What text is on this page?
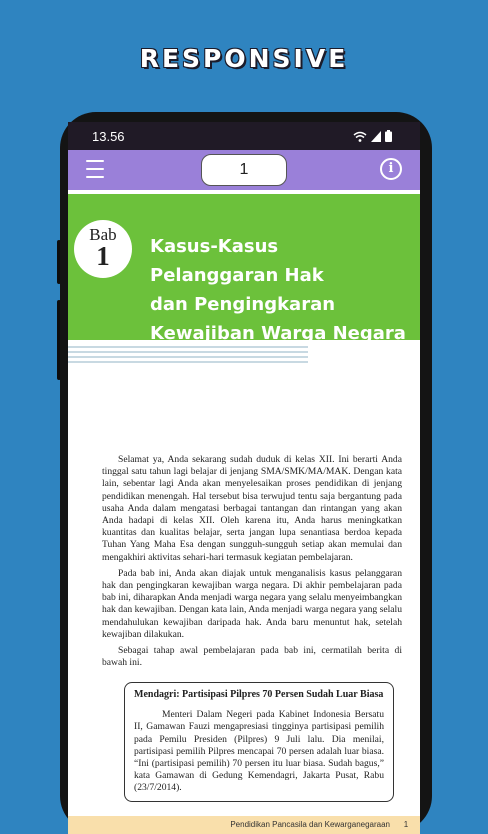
RESPONSIVE
13.56
1	i
Bab
1	Kasus-Kasus
Pelanggaran Hak
dan Pengingkaran
Kewajiban Warga Negara

Selamat ya, Anda sekarang sudah duduk di kelas XII. Ini berarti Anda tinggal satu tahun lagi belajar di jenjang SMA/SMK/MA/MAK. Dengan kata lain, sebentar lagi Anda akan menyelesaikan proses pendidikan di jenjang pendidikan menengah. Hal tersebut bisa terwujud tentu saja bergantung pada usaha Anda dalam mengatasi berbagai tantangan dan rintangan yang akan Anda hadapi di kelas XII. Oleh karena itu, Anda harus meningkatkan kuantitas dan kualitas belajar, serta jangan lupa senantiasa berdoa kepada Tuhan Yang Maha Esa dengan sungguh-sungguh setiap akan memulai dan mengakhiri aktivitas sehari-hari termasuk kegiatan pembelajaran.

Pada bab ini, Anda akan diajak untuk menganalisis kasus pelanggaran hak dan pengingkaran kewajiban warga negara. Di akhir pembelajaran pada bab ini, diharapkan Anda menjadi warga negara yang selalu menyeimbangkan hak dan kewajiban. Dengan kata lain, Anda menjadi warga negara yang selalu mendahulukan kewajiban daripada hak. Anda baru menuntut hak, setelah kewajiban dilakukan.

Sebagai tahap awal pembelajaran pada bab ini, cermatilah berita di bawah ini.

Mendagri: Partisipasi Pilpres 70 Persen Sudah Luar Biasa
Menteri Dalam Negeri pada Kabinet Indonesia Bersatu II, Gamawan Fauzi mengapresiasi tingginya partisipasi pemilih pada Pemilu Presiden (Pilpres) 9 Juli lalu. Dia menilai, partisipasi pemilih Pilpres mencapai 70 persen adalah luar biasa. “Ini (partisipasi pemilih) 70 persen itu luar biasa. Sudah bagus,” kata Gamawan di Gedung Kemendagri, Jakarta Pusat, Rabu (23/7/2014).
Pendidikan Pancasila dan Kewarganegaraan	1
